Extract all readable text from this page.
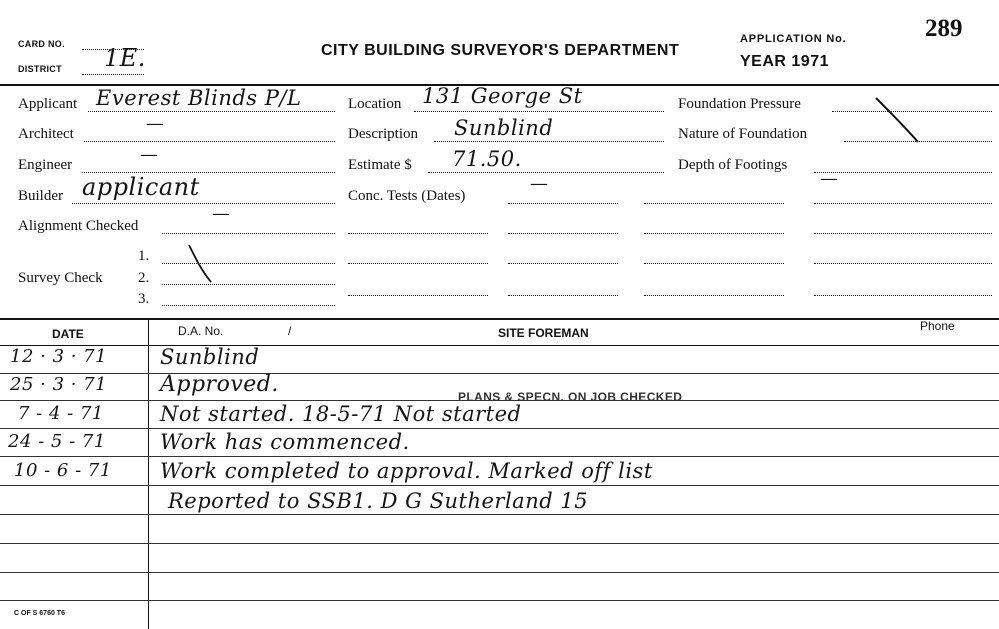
CARD NO.
DISTRICT 1E.	CITY BUILDING SURVEYOR'S DEPARTMENT
APPLICATION No.	289
YEAR 1971
Applicant Everest Blinds P/L
Architect	—
Engineer	—
Builder applicant
Alignment Checked
—
Survey Check
1.
2.
3.
Location 131 George St
Description Sunblind
Estimate $ 71.50.
Conc. Tests (Dates)
—
Foundation Pressure
Nature of Foundation
Depth of Footings
—
DATE	D.A. No.	/	SITE FOREMAN	Phone
12 · 3 · 71	Sunblind
25 · 3 · 71 Approved.	PLANS & SPECN. ON JOB CHECKED
7 - 4 - 71	Not started. 18-5-71 Not started
24 - 5 - 71	Work has commenced.
10 - 6 - 71 Work completed to approval. Marked off list
Reported to SSB1. D G Sutherland 15
C OF S 6760 T6
